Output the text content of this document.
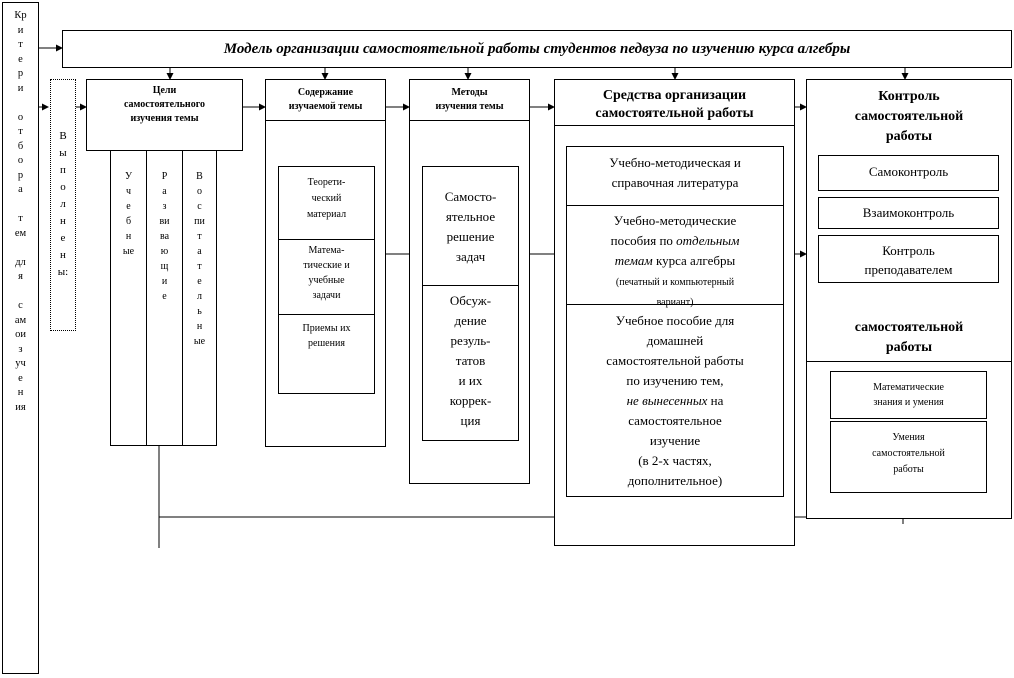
Кр
и
т
е
р
и

о
т
б
о
р
а

т
ем

дл
я

с
ам
ои
з
уч
е
н
ия
Модель организации самостоятельной работы студентов педвуза по изучению курса алгебры
В
ы
п
о
л
н
е
н
ы:
Цели
самостоятельного
изучения темы
У
ч
е
б
н
ые
Р
а
з
ви
ва
ю
щ
и
е
В
о
с
пи
т
а
т
е
л
ь
н
ые
Содержание
изучаемой темы
Теорети-
ческий
материал
Матема-
тические и
учебные
задачи
Приемы их
решения
Методы
изучения темы
Самосто-
ятельное
решение
задач
Обсуж-
дение
резуль-
татов
и их
коррек-
ция
Средства организации
самостоятельной работы
Учебно-методическая и
справочная литература
Учебно-методические
пособия по отдельным
темам курса алгебры
(печатный и компьютерный
вариант)
Учебное пособие для
домашней
самостоятельной работы
по изучению тем,
не вынесенных на
самостоятельное
изучение
(в 2-х частях,
дополнительное)
Контроль
самостоятельной
работы
Самоконтроль
Взаимоконтроль
Контроль
преподавателем
самостоятельной
работы
Математические
знания и умения
Умения
самостоятельной
работы
